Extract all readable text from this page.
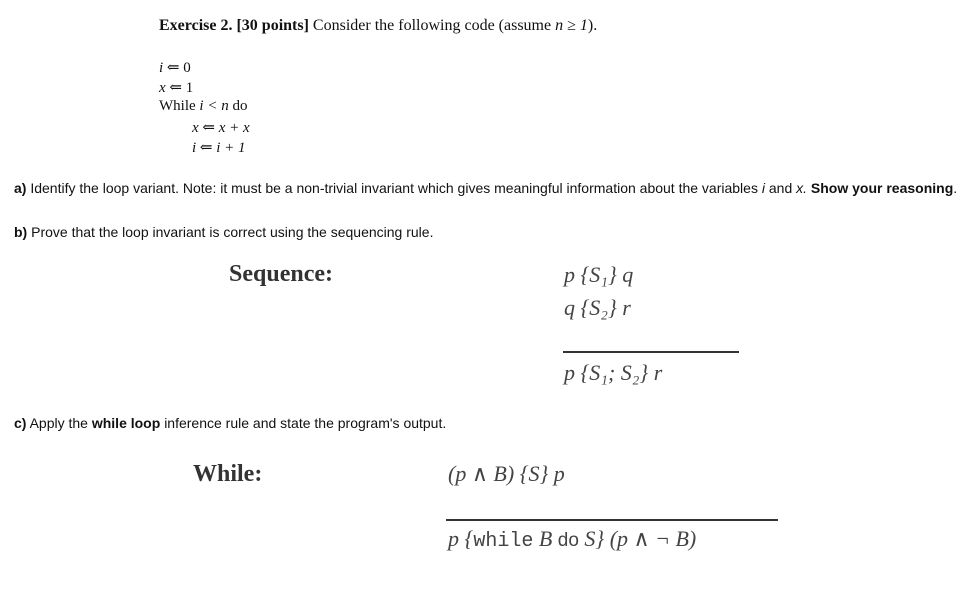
Exercise 2. [30 points] Consider the following code (assume n ≥ 1).
i ⇐ 0
x ⇐ 1
While i < n do
x ⇐ x + x
i ⇐ i + 1
a) Identify the loop variant. Note: it must be a non-trivial invariant which gives meaningful information about the variables i and x. Show your reasoning.
b) Prove that the loop invariant is correct using the sequencing rule.
Sequence:	p {S₁} q
q {S₂} r
p {S₁; S₂} r
c) Apply the while loop inference rule and state the program's output.
While:	(p ∧ B) {S} p
p {while B do S} (p ∧ ¬ B)
